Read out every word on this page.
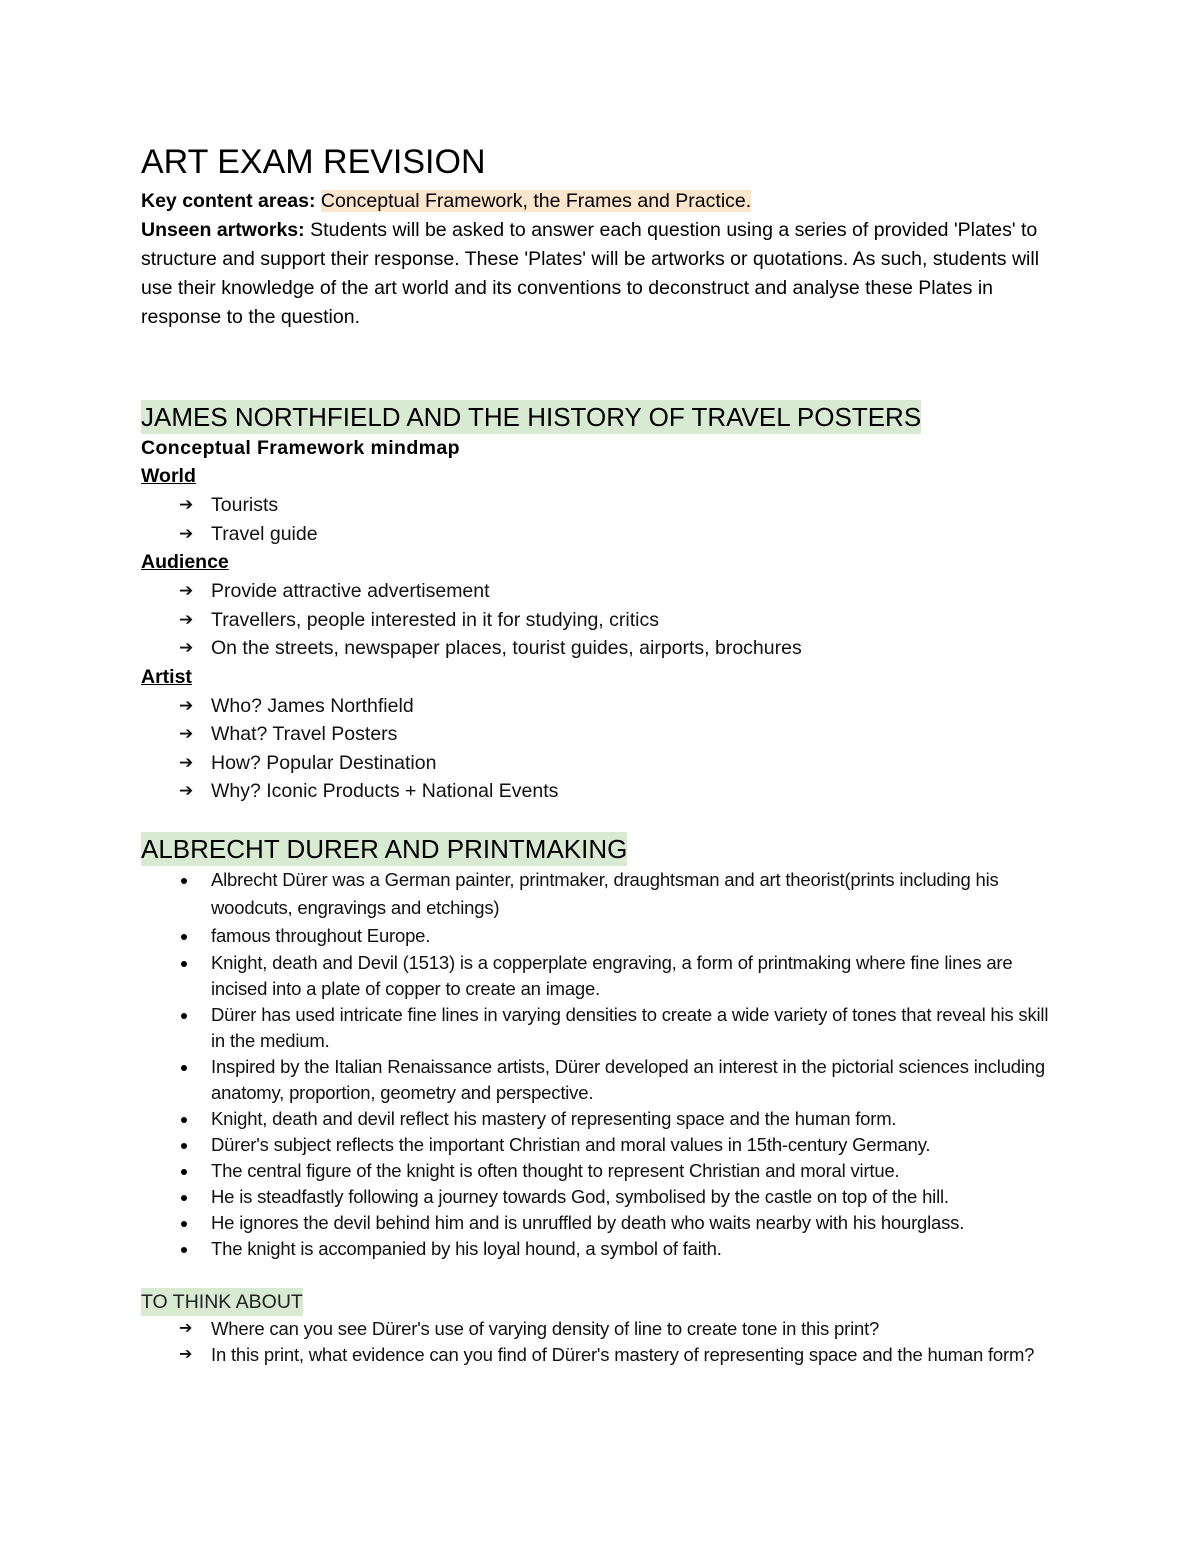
ART EXAM REVISION

Key content areas: Conceptual Framework, the Frames and Practice.

Unseen artworks: Students will be asked to answer each question using a series of provided 'Plates' to structure and support their response. These 'Plates' will be artworks or quotations. As such, students will use their knowledge of the art world and its conventions to deconstruct and analyse these Plates in response to the question.

JAMES NORTHFIELD AND THE HISTORY OF TRAVEL POSTERS

Conceptual Framework mindmap

World

➔ Tourists
➔ Travel guide

Audience

➔ Provide attractive advertisement
➔ Travellers, people interested in it for studying, critics
➔ On the streets, newspaper places, tourist guides, airports, brochures

Artist

➔ Who? James Northfield
➔ What? Travel Posters
➔ How? Popular Destination
➔ Why? Iconic Products + National Events
ALBRECHT DURER AND PRINTMAKING
Albrecht Dürer was a German painter, printmaker, draughtsman and art theorist(prints including his woodcuts, engravings and etchings)
famous throughout Europe.
Knight, death and Devil (1513) is a copperplate engraving, a form of printmaking where fine lines are incised into a plate of copper to create an image.
Dürer has used intricate fine lines in varying densities to create a wide variety of tones that reveal his skill in the medium.
Inspired by the Italian Renaissance artists, Dürer developed an interest in the pictorial sciences including anatomy, proportion, geometry and perspective.
Knight, death and devil reflect his mastery of representing space and the human form.
Dürer's subject reflects the important Christian and moral values in 15th-century Germany.
The central figure of the knight is often thought to represent Christian and moral virtue.
He is steadfastly following a journey towards God, symbolised by the castle on top of the hill.
He ignores the devil behind him and is unruffled by death who waits nearby with his hourglass.
The knight is accompanied by his loyal hound, a symbol of faith.
TO THINK ABOUT
➔ Where can you see Dürer's use of varying density of line to create tone in this print?
➔ In this print, what evidence can you find of Dürer's mastery of representing space and the human form?
